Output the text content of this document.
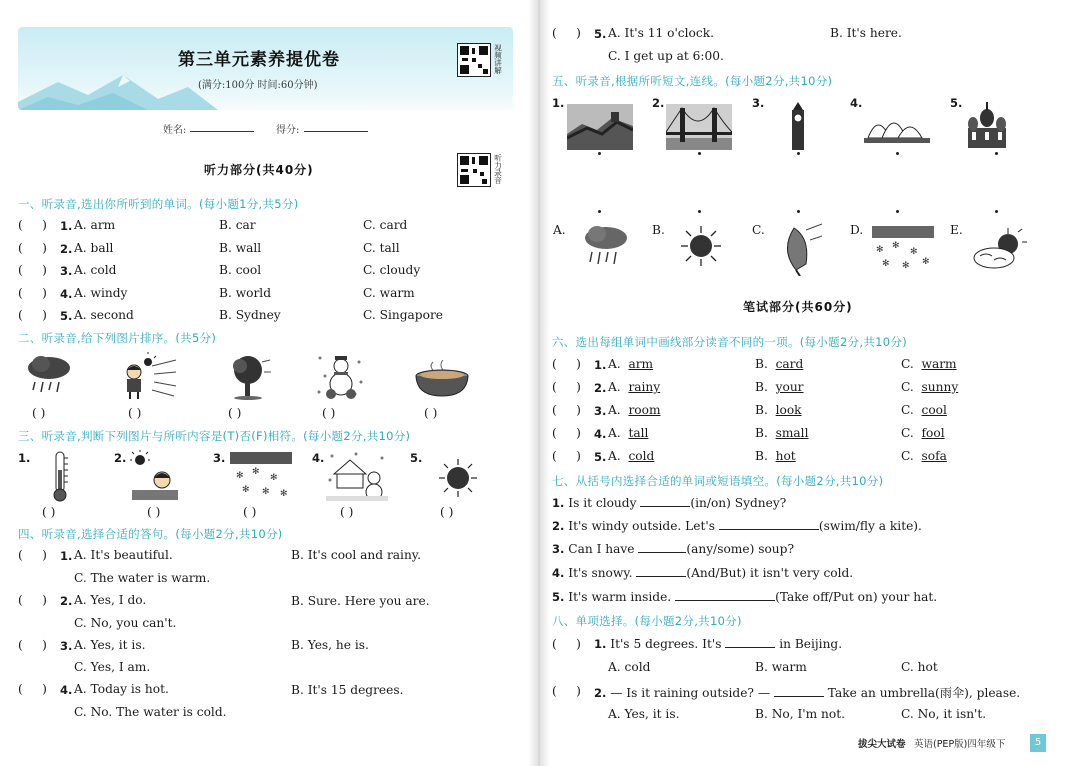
第三单元素养提优卷
(满分:100分 时间:60分钟)
视频讲解
姓名:	得分:
听力部分(共40分)	听力录音
一、听录音,选出你所听到的单词。(每小题1分,共5分)
(     ) 1. A. arm	B. car	C. card
(     ) 2. A. ball	B. wall	C. tall
(     ) 3. A. cold	B. cool	C. cloudy
(     ) 4. A. windy	B. world	C. warm
(     ) 5. A. second	B. Sydney	C. Singapore
二、听录音,给下列图片排序。(共5分)
( )	( )	( )	( )	( )
三、听录音,判断下列图片与所听内容是(T)否(F)相符。(每小题2分,共10分)
1.	2.	3.	4.	5.
✻ ✻
✻
✻ ✻ ✻
( )	( )	( )	( )	( )
四、听录音,选择合适的答句。(每小题2分,共10分)
(     ) 1. A. It's beautiful.	B. It's cool and rainy.
C. The water is warm.
(     ) 2. A. Yes, I do.	B. Sure. Here you are.
C. No, you can't.
(     ) 3. A. Yes, it is.	B. Yes, he is.
C. Yes, I am.
(     ) 4. A. Today is hot.	B. It's 15 degrees.
C. No. The water is cold.
(     ) 5. A. It's 11 o'clock.	B. It's here.
C. I get up at 6:00.
五、听录音,根据所听短文,连线。(每小题2分,共10分)
1.	2.	3.	4.	5.
A.	B.	C.	D.	E.
✻ ✻
✻
✻ ✻ ✻
笔试部分(共60分)
六、选出每组单词中画线部分读音不同的一项。(每小题2分,共10分)
(     ) 1. A.  arm	B.  card	C.  warm
(     ) 2. A.  rainy	B.  your	C.  sunny
(     ) 3. A.  room	B.  look	C.  cool
(     ) 4. A.  tall	B.  small	C.  fool
(     ) 5. A.  cold	B.  hot	C.  sofa
七、从括号内选择合适的单词或短语填空。(每小题2分,共10分)
1. Is it cloudy	(in/on) Sydney?
2. It's windy outside. Let's	(swim/fly a kite).
3. Can I have	(any/some) soup?
4. It's snowy.	(And/But) it isn't very cold.
5. It's warm inside.	(Take off/Put on) your hat.
八、单项选择。(每小题2分,共10分)
(     ) 1. It's 5 degrees. It's	in Beijing.
A. cold	B. warm	C. hot
(     ) 2. — Is it raining outside? —	Take an umbrella(雨伞), please.
A. Yes, it is.	B. No, I'm not.	C. No, it isn't.
拔尖大试卷 英语(PEP版)四年级下	5
